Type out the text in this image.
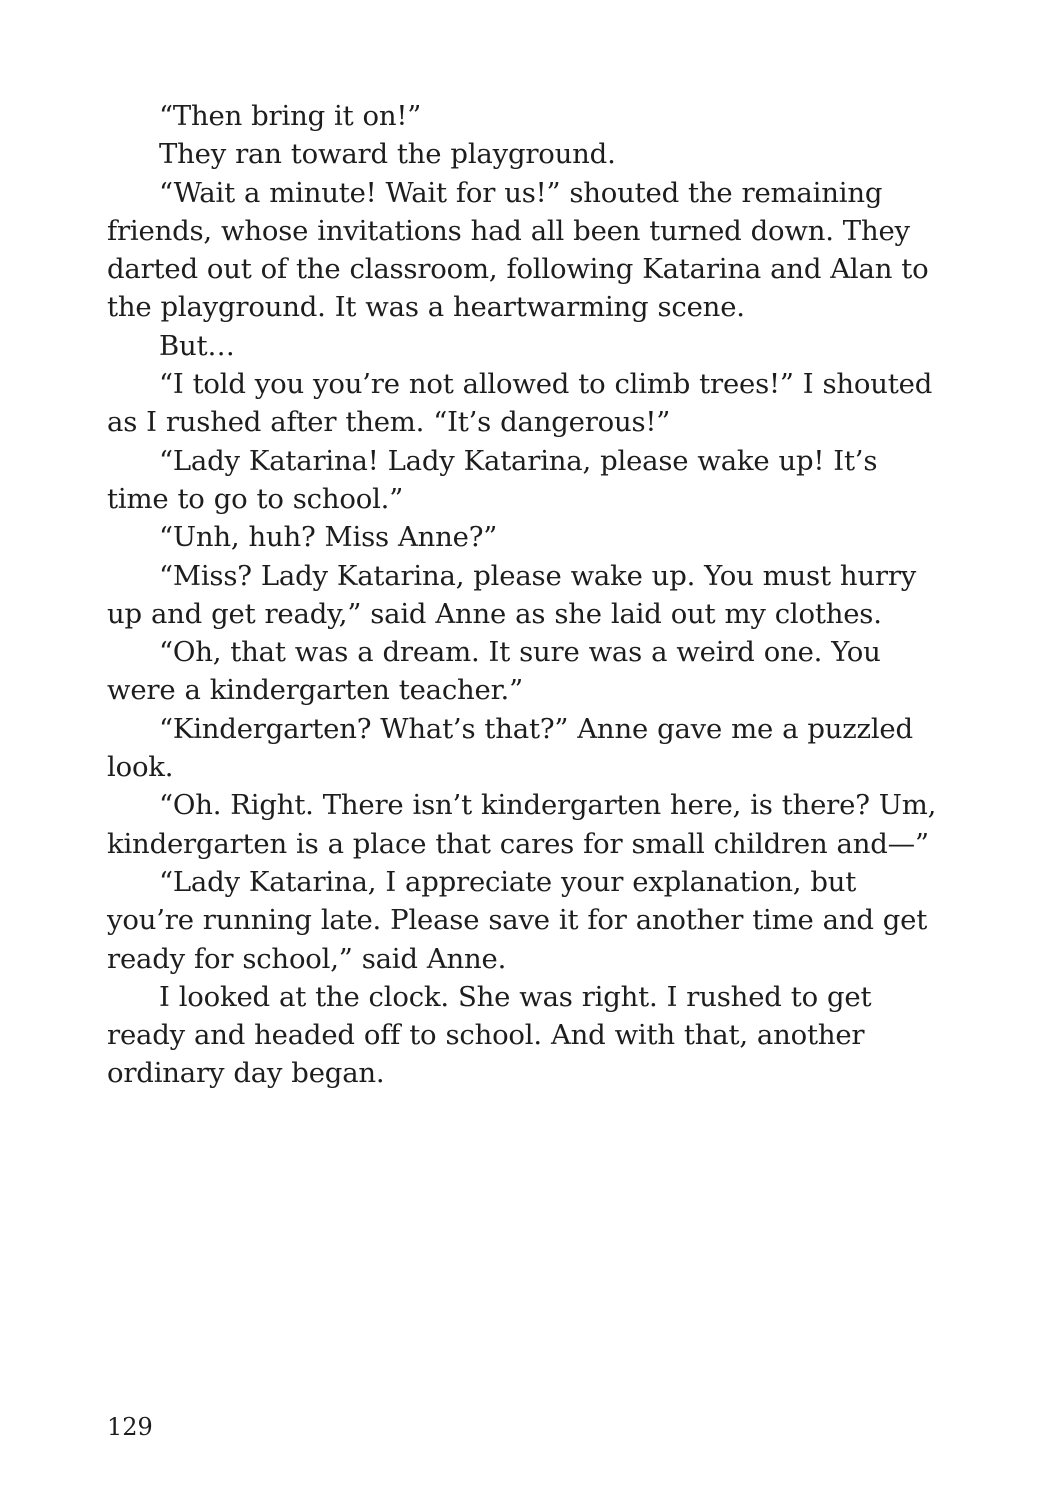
“Then bring it on!”

They ran toward the playground.

“Wait a minute! Wait for us!” shouted the remaining friends, whose invitations had all been turned down. They darted out of the classroom, following Katarina and Alan to the playground. It was a heartwarming scene.

But…

“I told you you’re not allowed to climb trees!” I shouted as I rushed after them. “It’s dangerous!”

“Lady Katarina! Lady Katarina, please wake up! It’s time to go to school.”

“Unh, huh? Miss Anne?”

“Miss? Lady Katarina, please wake up. You must hurry up and get ready,” said Anne as she laid out my clothes.

“Oh, that was a dream. It sure was a weird one. You were a kindergarten teacher.”

“Kindergarten? What’s that?” Anne gave me a puzzled look.

“Oh. Right. There isn’t kindergarten here, is there? Um, kindergarten is a place that cares for small children and—”

“Lady Katarina, I appreciate your explanation, but you’re running late. Please save it for another time and get ready for school,” said Anne.

I looked at the clock. She was right. I rushed to get ready and headed off to school. And with that, another ordinary day began.

129
